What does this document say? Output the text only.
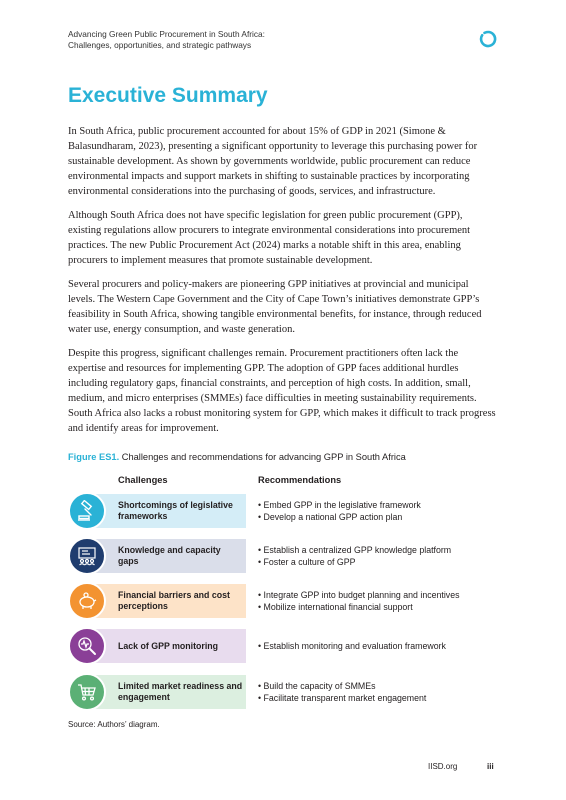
Advancing Green Public Procurement in South Africa:
Challenges, opportunities, and strategic pathways
Executive Summary

In South Africa, public procurement accounted for about 15% of GDP in 2021 (Simone & Balasundharam, 2023), presenting a significant opportunity to leverage this purchasing power for sustainable development. As shown by governments worldwide, public procurement can reduce environmental impacts and support markets in shifting to sustainable practices by incorporating environmental considerations into the purchasing of goods, services, and infrastructure.

Although South Africa does not have specific legislation for green public procurement (GPP), existing regulations allow procurers to integrate environmental considerations into procurement practices. The new Public Procurement Act (2024) marks a notable shift in this area, enabling procurers to implement measures that promote sustainable development.

Several procurers and policy-makers are pioneering GPP initiatives at provincial and municipal levels. The Western Cape Government and the City of Cape Town’s initiatives demonstrate GPP’s feasibility in South Africa, showing tangible environmental benefits, for instance, through reduced water use, energy consumption, and waste generation.

Despite this progress, significant challenges remain. Procurement practitioners often lack the expertise and resources for implementing GPP. The adoption of GPP faces additional hurdles including regulatory gaps, financial constraints, and perception of high costs. In addition, small, medium, and micro enterprises (SMMEs) face difficulties in meeting sustainability requirements. South Africa also lacks a robust monitoring system for GPP, which makes it difficult to track progress and identify areas for improvement.

Figure ES1. Challenges and recommendations for advancing GPP in South Africa
Challenges	Recommendations
Shortcomings of legislative frameworks
• Embed GPP in the legislative framework
• Develop a national GPP action plan
Knowledge and capacity gaps
• Establish a centralized GPP knowledge platform
• Foster a culture of GPP
Financial barriers and cost perceptions
• Integrate GPP into budget planning and incentives
• Mobilize international financial support
Lack of GPP monitoring
•	Establish monitoring and evaluation framework
Limited market readiness and engagement
• Build the capacity of SMMEs
• Facilitate transparent market engagement
Source: Authors’ diagram.
IISD.org	iii
